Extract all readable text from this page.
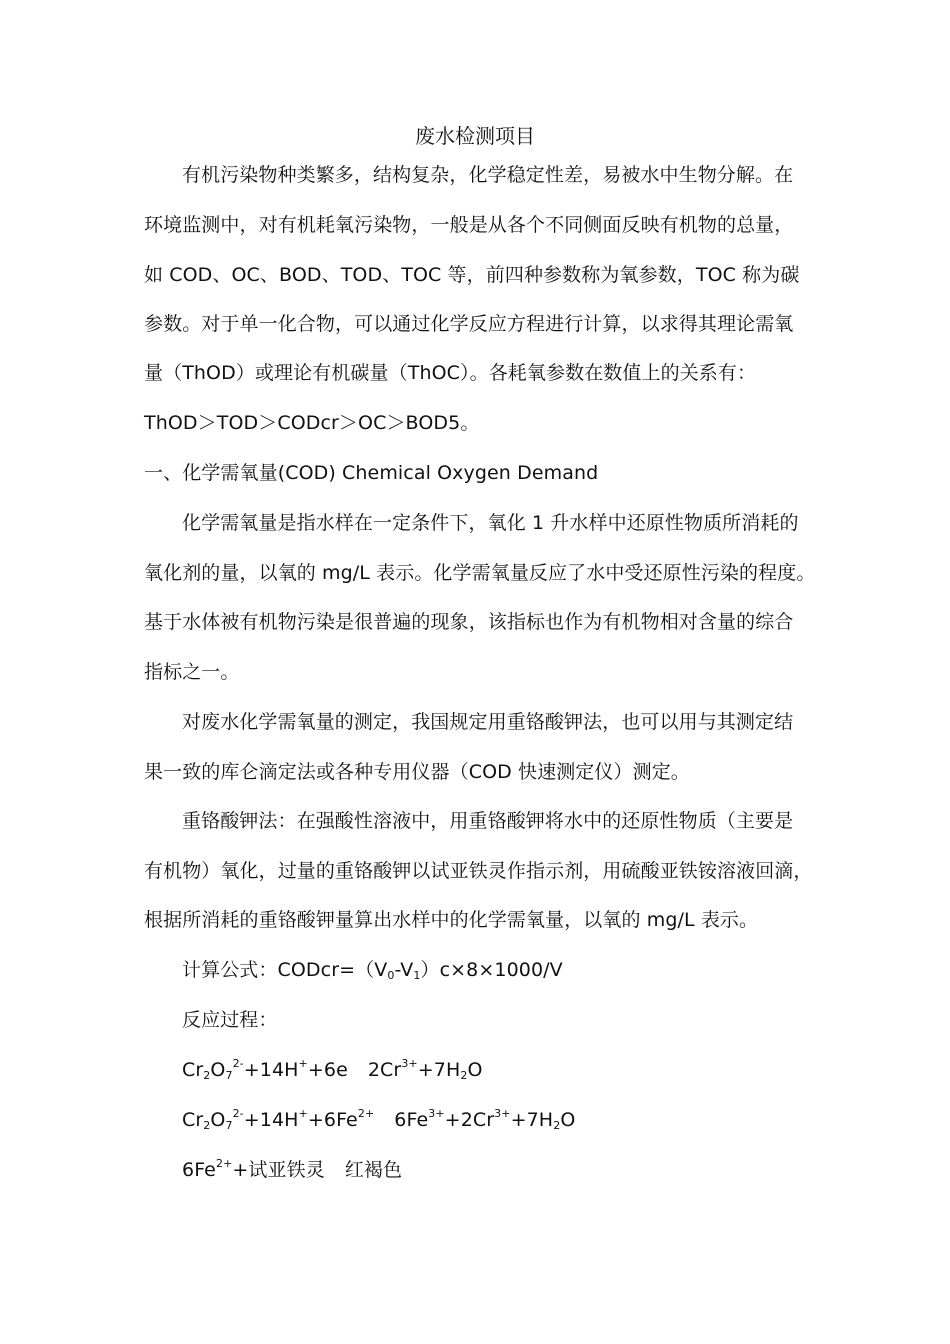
废水检测项目
有机污染物种类繁多，结构复杂，化学稳定性差，易被水中生物分解。在
环境监测中，对有机耗氧污染物，一般是从各个不同侧面反映有机物的总量，
如 COD、OC、BOD、TOD、TOC 等，前四种参数称为氧参数，TOC 称为碳
参数。对于单一化合物，可以通过化学反应方程进行计算，以求得其理论需氧
量（ThOD）或理论有机碳量（ThOC）。各耗氧参数在数值上的关系有：
ThOD＞TOD＞CODcr＞OC＞BOD5。
一、化学需氧量(COD) Chemical Oxygen Demand
化学需氧量是指水样在一定条件下，氧化 1 升水样中还原性物质所消耗的
氧化剂的量，以氧的 mg/L 表示。化学需氧量反应了水中受还原性污染的程度。
基于水体被有机物污染是很普遍的现象，该指标也作为有机物相对含量的综合
指标之一。
对废水化学需氧量的测定，我国规定用重铬酸钾法，也可以用与其测定结
果一致的库仑滴定法或各种专用仪器（COD 快速测定仪）测定。
重铬酸钾法：在强酸性溶液中，用重铬酸钾将水中的还原性物质（主要是
有机物）氧化，过量的重铬酸钾以试亚铁灵作指示剂，用硫酸亚铁铵溶液回滴，
根据所消耗的重铬酸钾量算出水样中的化学需氧量，以氧的 mg/L 表示。
计算公式：$CODcr=(V_0-V_1)c\times 8\times 1000/V$
反应过程：
$Cr_2O_7^{2-}+14H^++6e$ $2Cr^{3+}+7H_2O$
$Cr_2O_7^{2-}+14H^++6Fe^{2+}$ $6Fe^{3+}+2Cr^{3+}+7H_2O$
$6Fe^{2+}+$试亚铁灵 红褐色
